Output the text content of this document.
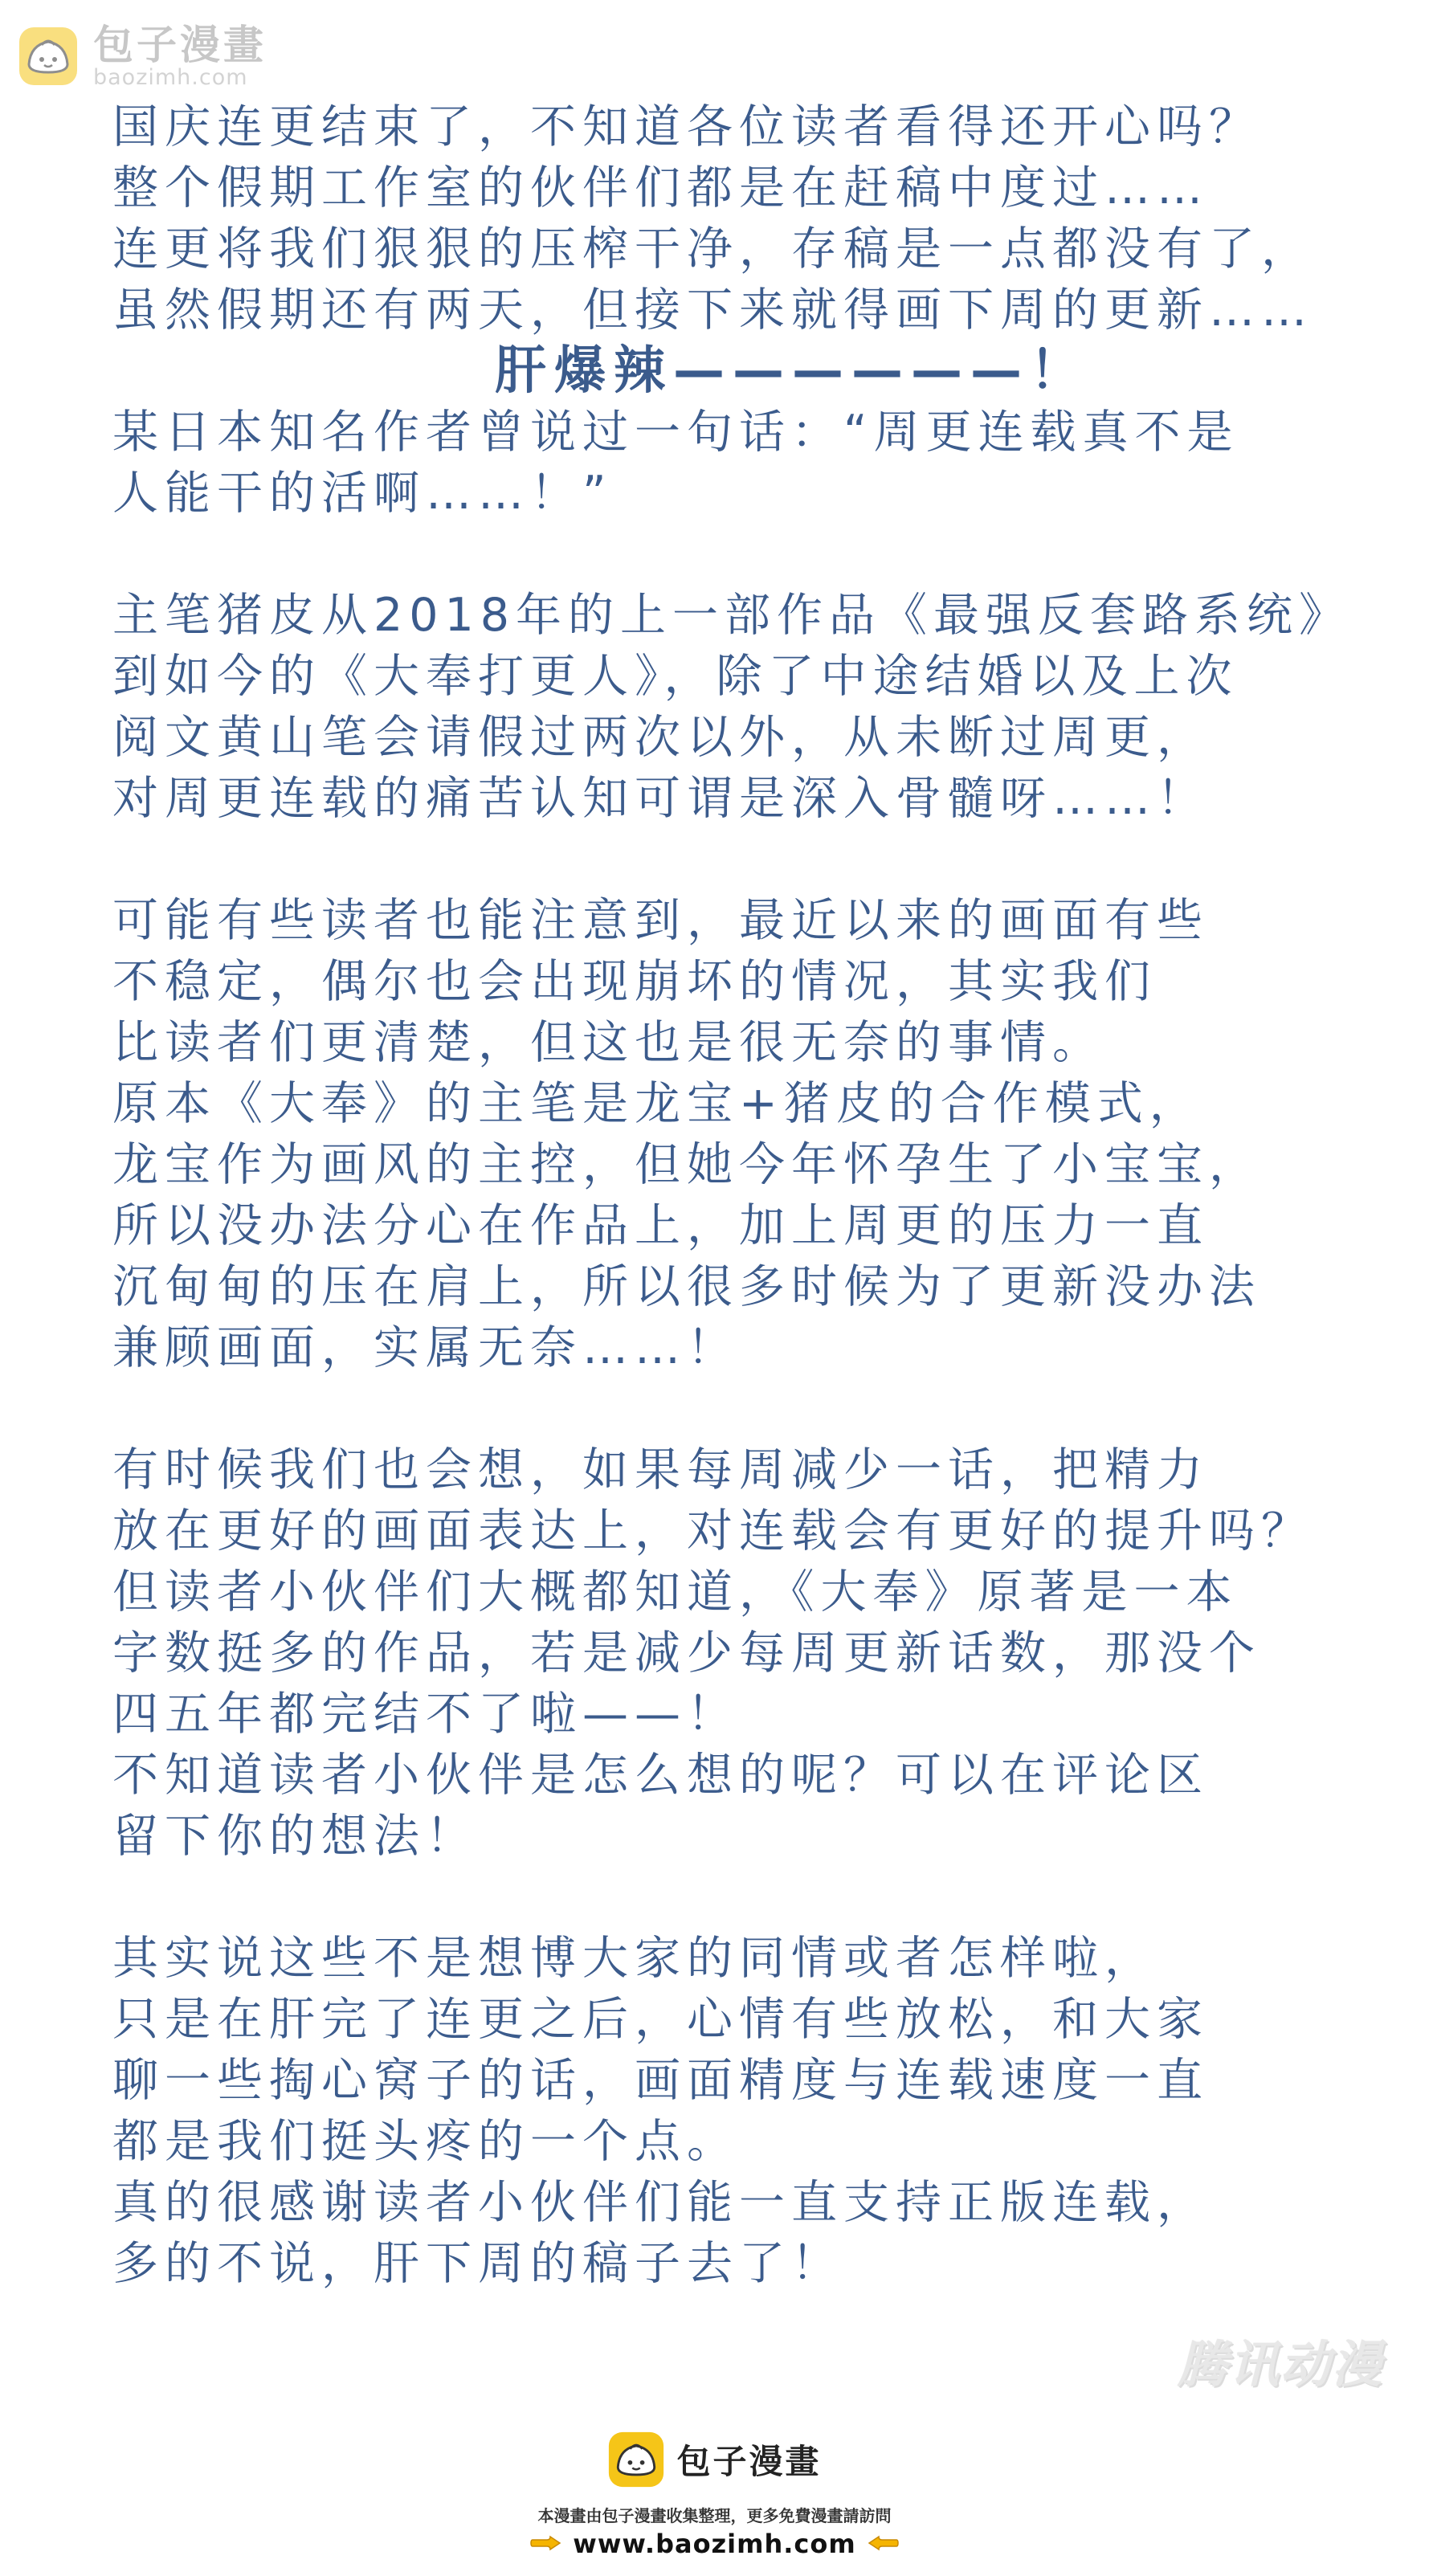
包子漫畫
baozimh.com
国庆连更结束了，不知道各位读者看得还开心吗？
整个假期工作室的伙伴们都是在赶稿中度过……
连更将我们狠狠的压榨干净，存稿是一点都没有了，
虽然假期还有两天，但接下来就得画下周的更新……
肝爆辣——————！
某日本知名作者曾说过一句话：“周更连载真不是
人能干的活啊……！”
主笔猪皮从2018年的上一部作品《最强反套路系统》
到如今的《大奉打更人》，除了中途结婚以及上次
阅文黄山笔会请假过两次以外，从未断过周更，
对周更连载的痛苦认知可谓是深入骨髓呀……！
可能有些读者也能注意到，最近以来的画面有些
不稳定，偶尔也会出现崩坏的情况，其实我们
比读者们更清楚，但这也是很无奈的事情。
原本《大奉》的主笔是龙宝+猪皮的合作模式，
龙宝作为画风的主控，但她今年怀孕生了小宝宝，
所以没办法分心在作品上，加上周更的压力一直
沉甸甸的压在肩上，所以很多时候为了更新没办法
兼顾画面，实属无奈……！
有时候我们也会想，如果每周减少一话，把精力
放在更好的画面表达上，对连载会有更好的提升吗？
但读者小伙伴们大概都知道，《大奉》原著是一本
字数挺多的作品，若是减少每周更新话数，那没个
四五年都完结不了啦——！
不知道读者小伙伴是怎么想的呢？可以在评论区
留下你的想法！
其实说这些不是想博大家的同情或者怎样啦，
只是在肝完了连更之后，心情有些放松，和大家
聊一些掏心窝子的话，画面精度与连载速度一直
都是我们挺头疼的一个点。
真的很感谢读者小伙伴们能一直支持正版连载，
多的不说，肝下周的稿子去了！
腾讯动漫
包子漫畫
本漫畫由包子漫畫收集整理，更多免費漫畫請訪問
www.baozimh.com
